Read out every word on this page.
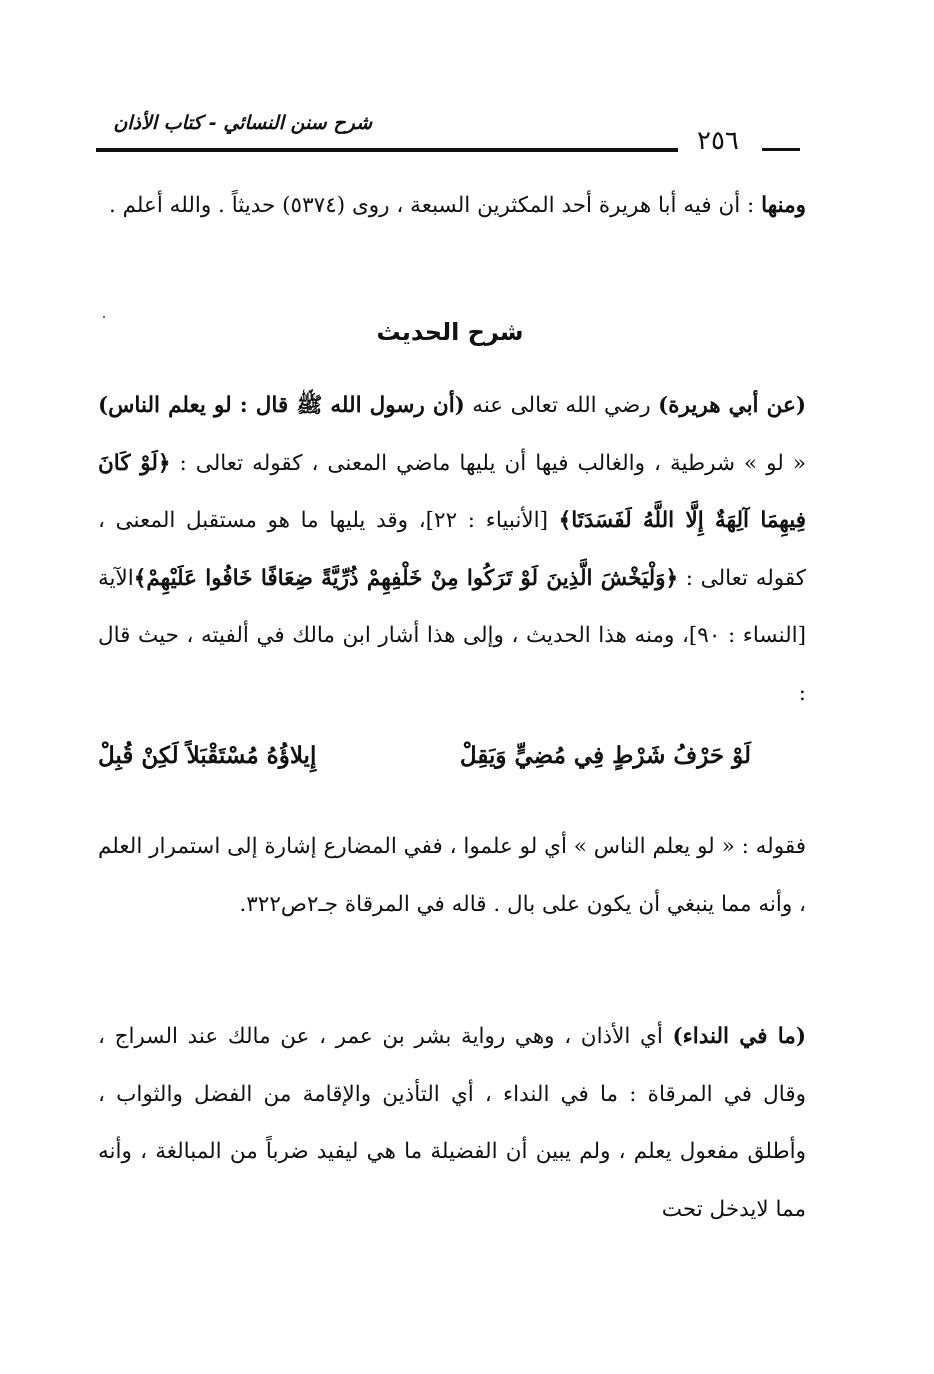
شرح سنن النسائي - كتاب الأذان
٢٥٦
ومنها : أن فيه أبا هريرة أحد المكثرين السبعة ، روى (٥٣٧٤) حديثاً . والله أعلم .
شرح الحديث
(عن أبي هريرة) رضي الله تعالى عنه (أن رسول الله ﷺ قال : لو يعلم الناس) « لو » شرطية ، والغالب فيها أن يليها ماضي المعنى ، كقوله تعالى : ﴿لَوْ كَانَ فِيهِمَا آلِهَةٌ إِلَّا اللَّهُ لَفَسَدَتَا﴾ [الأنبياء : ٢٢]، وقد يليها ما هو مستقبل المعنى ، كقوله تعالى : ﴿وَلْيَخْشَ الَّذِينَ لَوْ تَرَكُوا مِنْ خَلْفِهِمْ ذُرِّيَّةً ضِعَافًا خَافُوا عَلَيْهِمْ﴾الآية [النساء : ٩٠]، ومنه هذا الحديث ، وإلى هذا أشار ابن مالك في ألفيته ، حيث قال :
لَوْ حَرْفُ شَرْطٍ فِي مُضِيٍّ وَيَقِلْ
إِيلاؤُهُ مُسْتَقْبَلاً لَكِنْ قُبِلْ
فقوله : « لو يعلم الناس » أي لو علموا ، ففي المضارع إشارة إلى استمرار العلم ، وأنه مما ينبغي أن يكون على بال . قاله في المرقاة جـ٢ص٣٢٢.
(ما في النداء) أي الأذان ، وهي رواية بشر بن عمر ، عن مالك عند السراج ، وقال في المرقاة : ما في النداء ، أي التأذين والإقامة من الفضل والثواب ، وأطلق مفعول يعلم ، ولم يبين أن الفضيلة ما هي ليفيد ضرباً من المبالغة ، وأنه مما لايدخل تحت
